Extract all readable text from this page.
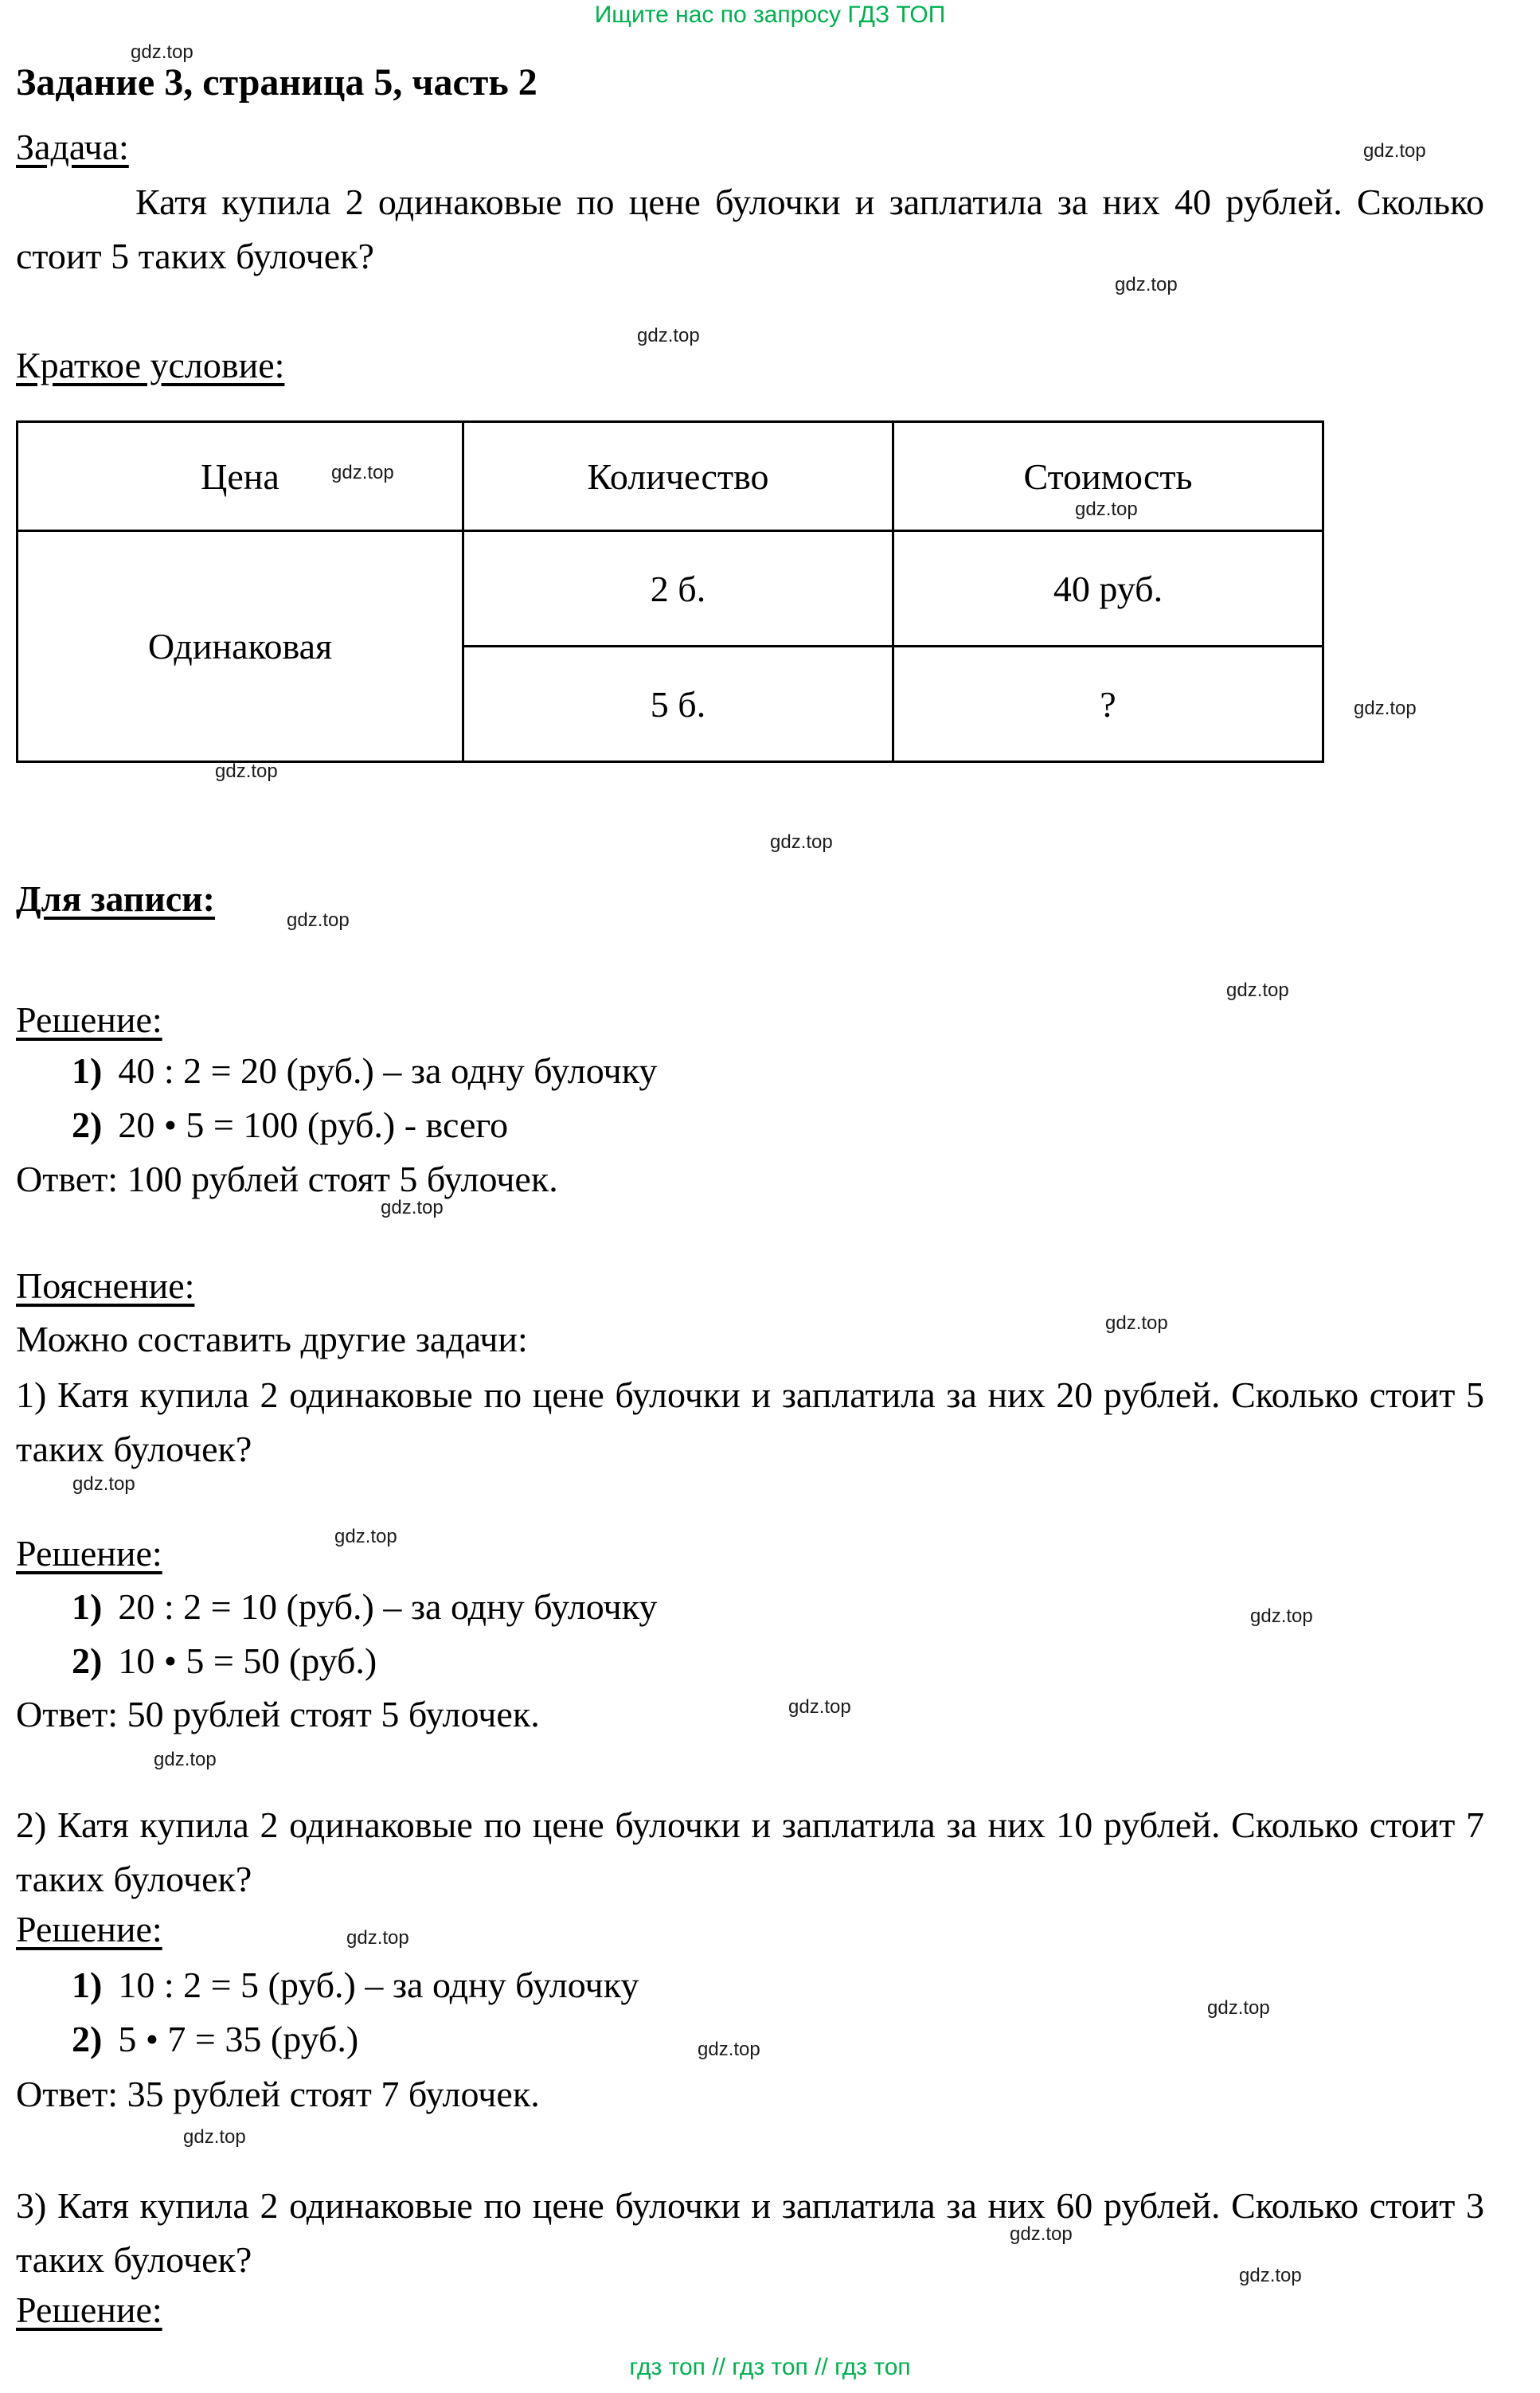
Ищите нас по запросу ГДЗ ТОП
gdz.top
gdz.top
gdz.top
gdz.top
gdz.top
gdz.top
gdz.top
gdz.top
gdz.top
gdz.top
gdz.top
gdz.top
gdz.top
gdz.top
gdz.top
gdz.top
gdz.top
gdz.top
gdz.top
gdz.top
gdz.top
gdz.top
gdz.top
gdz.top
Задание 3, страница 5, часть 2
Задача:
Катя купила 2 одинаковые по цене булочки и заплатила за них 40 рублей. Сколько стоит 5 таких булочек?
Краткое условие:
Цена	Количество	Стоимость
Одинаковая	2 б.	40 руб.
	5 б.	?
Для записи:
Решение:
1) 40 : 2 = 20 (руб.) – за одну булочку
2) 20 • 5 = 100 (руб.) - всего
Ответ: 100 рублей стоят 5 булочек.
Пояснение:
Можно составить другие задачи:
1) Катя купила 2 одинаковые по цене булочки и заплатила за них 20 рублей. Сколько стоит 5 таких булочек?
Решение:
1) 20 : 2 = 10 (руб.) – за одну булочку
2) 10 • 5 = 50 (руб.)
Ответ: 50 рублей стоят 5 булочек.
2) Катя купила 2 одинаковые по цене булочки и заплатила за них 10 рублей. Сколько стоит 7 таких булочек?
Решение:
1) 10 : 2 = 5 (руб.) – за одну булочку
2) 5 • 7 = 35 (руб.)
Ответ: 35 рублей стоят 7 булочек.
3) Катя купила 2 одинаковые по цене булочки и заплатила за них 60 рублей. Сколько стоит 3 таких булочек?
Решение:
гдз топ // гдз топ // гдз топ
